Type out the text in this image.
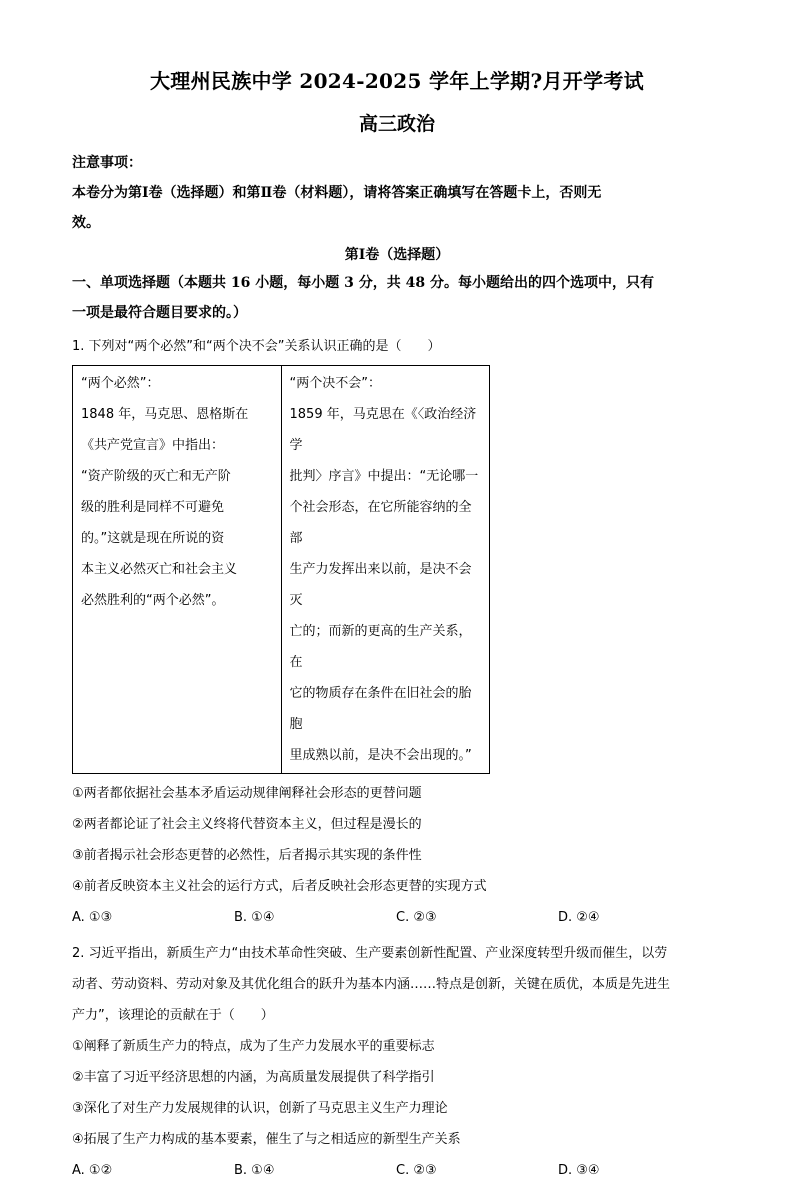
大理州民族中学 2024-2025 学年上学期?月开学考试
高三政治
注意事项：
本卷分为第Ⅰ卷（选择题）和第Ⅱ卷（材料题），请将答案正确填写在答题卡上，否则无
效。
第Ⅰ卷（选择题）
一、单项选择题（本题共 16 小题，每小题 3 分，共 48 分。每小题给出的四个选项中，只有
一项是最符合题目要求的。）
1. 下列对“两个必然”和“两个决不会”关系认识正确的是（　　）
“两个必然”：
1848 年，马克思、恩格斯在
《共产党宣言》中指出：
“资产阶级的灭亡和无产阶
级的胜利是同样不可避免
的。”这就是现在所说的资
本主义必然灭亡和社会主义
必然胜利的“两个必然”。

“两个决不会”：
1859 年，马克思在《〈政治经济学
批判〉序言》中提出：“无论哪一
个社会形态，在它所能容纳的全部
生产力发挥出来以前，是决不会灭
亡的；而新的更高的生产关系，在
它的物质存在条件在旧社会的胎胞
里成熟以前，是决不会出现的。”
①两者都依据社会基本矛盾运动规律阐释社会形态的更替问题
②两者都论证了社会主义终将代替资本主义，但过程是漫长的
③前者揭示社会形态更替的必然性，后者揭示其实现的条件性
④前者反映资本主义社会的运行方式，后者反映社会形态更替的实现方式
A. ①③	B. ①④	C. ②③	D. ②④
2. 习近平指出，新质生产力“由技术革命性突破、生产要素创新性配置、产业深度转型升级而催生，以劳
动者、劳动资料、劳动对象及其优化组合的跃升为基本内涵……特点是创新，关键在质优，本质是先进生
产力”，该理论的贡献在于（　　）
①阐释了新质生产力的特点，成为了生产力发展水平的重要标志
②丰富了习近平经济思想的内涵，为高质量发展提供了科学指引
③深化了对生产力发展规律的认识，创新了马克思主义生产力理论
④拓展了生产力构成的基本要素，催生了与之相适应的新型生产关系
A. ①②	B. ①④	C. ②③	D. ③④
